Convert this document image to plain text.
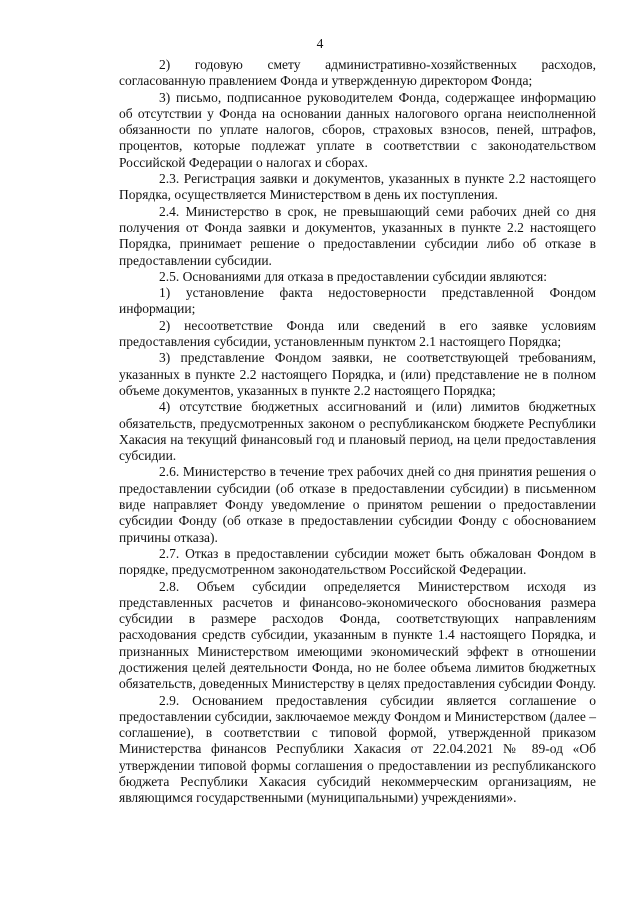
4

2) годовую смету административно-хозяйственных расходов, согласованную правлением Фонда и утвержденную директором Фонда;

3) письмо, подписанное руководителем Фонда, содержащее информацию об отсутствии у Фонда на основании данных налогового органа неисполненной обязанности по уплате налогов, сборов, страховых взносов, пеней, штрафов, процентов, которые подлежат уплате в соответствии с законодательством Российской Федерации о налогах и сборах.

2.3. Регистрация заявки и документов, указанных в пункте 2.2 настоящего Порядка, осуществляется Министерством в день их поступления.

2.4. Министерство в срок, не превышающий семи рабочих дней со дня получения от Фонда заявки и документов, указанных в пункте 2.2 настоящего Порядка, принимает решение о предоставлении субсидии либо об отказе в предоставлении субсидии.

2.5. Основаниями для отказа в предоставлении субсидии являются:

1) установление факта недостоверности представленной Фондом информации;

2) несоответствие Фонда или сведений в его заявке условиям предоставления субсидии, установленным пунктом 2.1 настоящего Порядка;

3) представление Фондом заявки, не соответствующей требованиям, указанных в пункте 2.2 настоящего Порядка, и (или) представление не в полном объеме документов, указанных в пункте 2.2 настоящего Порядка;

4) отсутствие бюджетных ассигнований и (или) лимитов бюджетных обязательств, предусмотренных законом о республиканском бюджете Республики Хакасия на текущий финансовый год и плановый период, на цели предоставления субсидии.

2.6. Министерство в течение трех рабочих дней со дня принятия решения о предоставлении субсидии (об отказе в предоставлении субсидии) в письменном виде направляет Фонду уведомление о принятом решении о предоставлении субсидии Фонду (об отказе в предоставлении субсидии Фонду с обоснованием причины отказа).

2.7. Отказ в предоставлении субсидии может быть обжалован Фондом в порядке, предусмотренном законодательством Российской Федерации.

2.8. Объем субсидии определяется Министерством исходя из представленных расчетов и финансово-экономического обоснования размера субсидии в размере расходов Фонда, соответствующих направлениям расходования средств субсидии, указанным в пункте 1.4 настоящего Порядка, и признанных Министерством имеющими экономический эффект в отношении достижения целей деятельности Фонда, но не более объема лимитов бюджетных обязательств, доведенных Министерству в целях предоставления субсидии Фонду.

2.9. Основанием предоставления субсидии является соглашение о предоставлении субсидии, заключаемое между Фондом и Министерством (далее – соглашение), в соответствии с типовой формой, утвержденной приказом Министерства финансов Республики Хакасия от 22.04.2021 № 89-од «Об утверждении типовой формы соглашения о предоставлении из республиканского бюджета Республики Хакасия субсидий некоммерческим организациям, не являющимся государственными (муниципальными) учреждениями».
